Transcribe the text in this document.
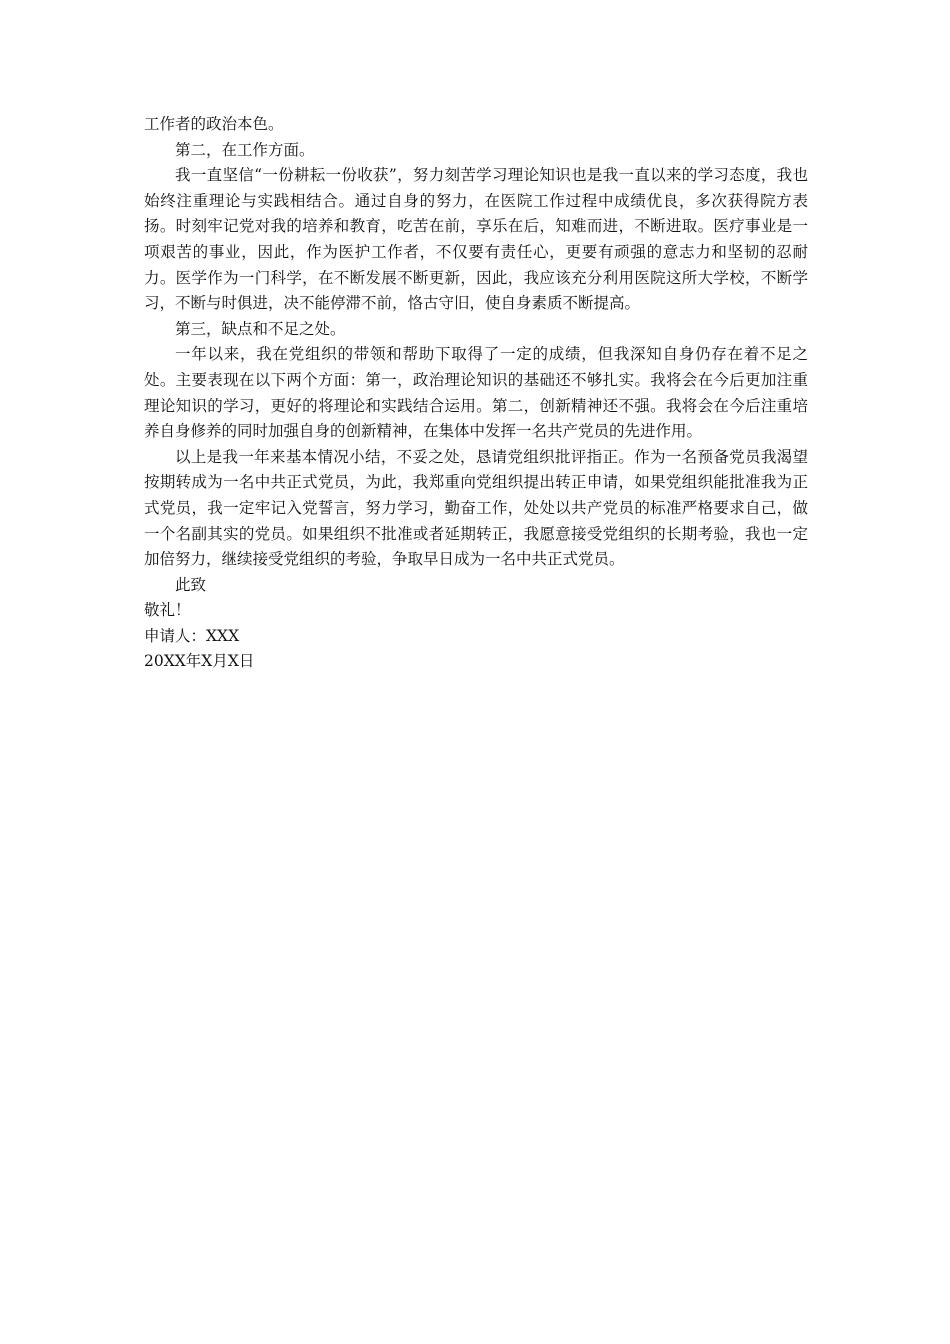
工作者的政治本色。

第二，在工作方面。

我一直坚信“一份耕耘一份收获”，努力刻苦学习理论知识也是我一直以来的学习态度，我也始终注重理论与实践相结合。通过自身的努力，在医院工作过程中成绩优良，多次获得院方表扬。时刻牢记党对我的培养和教育，吃苦在前，享乐在后，知难而进，不断进取。医疗事业是一项艰苦的事业，因此，作为医护工作者，不仅要有责任心，更要有顽强的意志力和坚韧的忍耐力。医学作为一门科学，在不断发展不断更新，因此，我应该充分利用医院这所大学校，不断学习，不断与时俱进，决不能停滞不前，恪古守旧，使自身素质不断提高。

第三，缺点和不足之处。

一年以来，我在党组织的带领和帮助下取得了一定的成绩，但我深知自身仍存在着不足之处。主要表现在以下两个方面：第一，政治理论知识的基础还不够扎实。我将会在今后更加注重理论知识的学习，更好的将理论和实践结合运用。第二，创新精神还不强。我将会在今后注重培养自身修养的同时加强自身的创新精神，在集体中发挥一名共产党员的先进作用。

以上是我一年来基本情况小结，不妥之处，恳请党组织批评指正。作为一名预备党员我渴望按期转成为一名中共正式党员，为此，我郑重向党组织提出转正申请，如果党组织能批准我为正式党员，我一定牢记入党誓言，努力学习，勤奋工作，处处以共产党员的标准严格要求自己，做一个名副其实的党员。如果组织不批准或者延期转正，我愿意接受党组织的长期考验，我也一定加倍努力，继续接受党组织的考验，争取早日成为一名中共正式党员。

此致

敬礼！

申请人：XXX

20XX年X月X日
